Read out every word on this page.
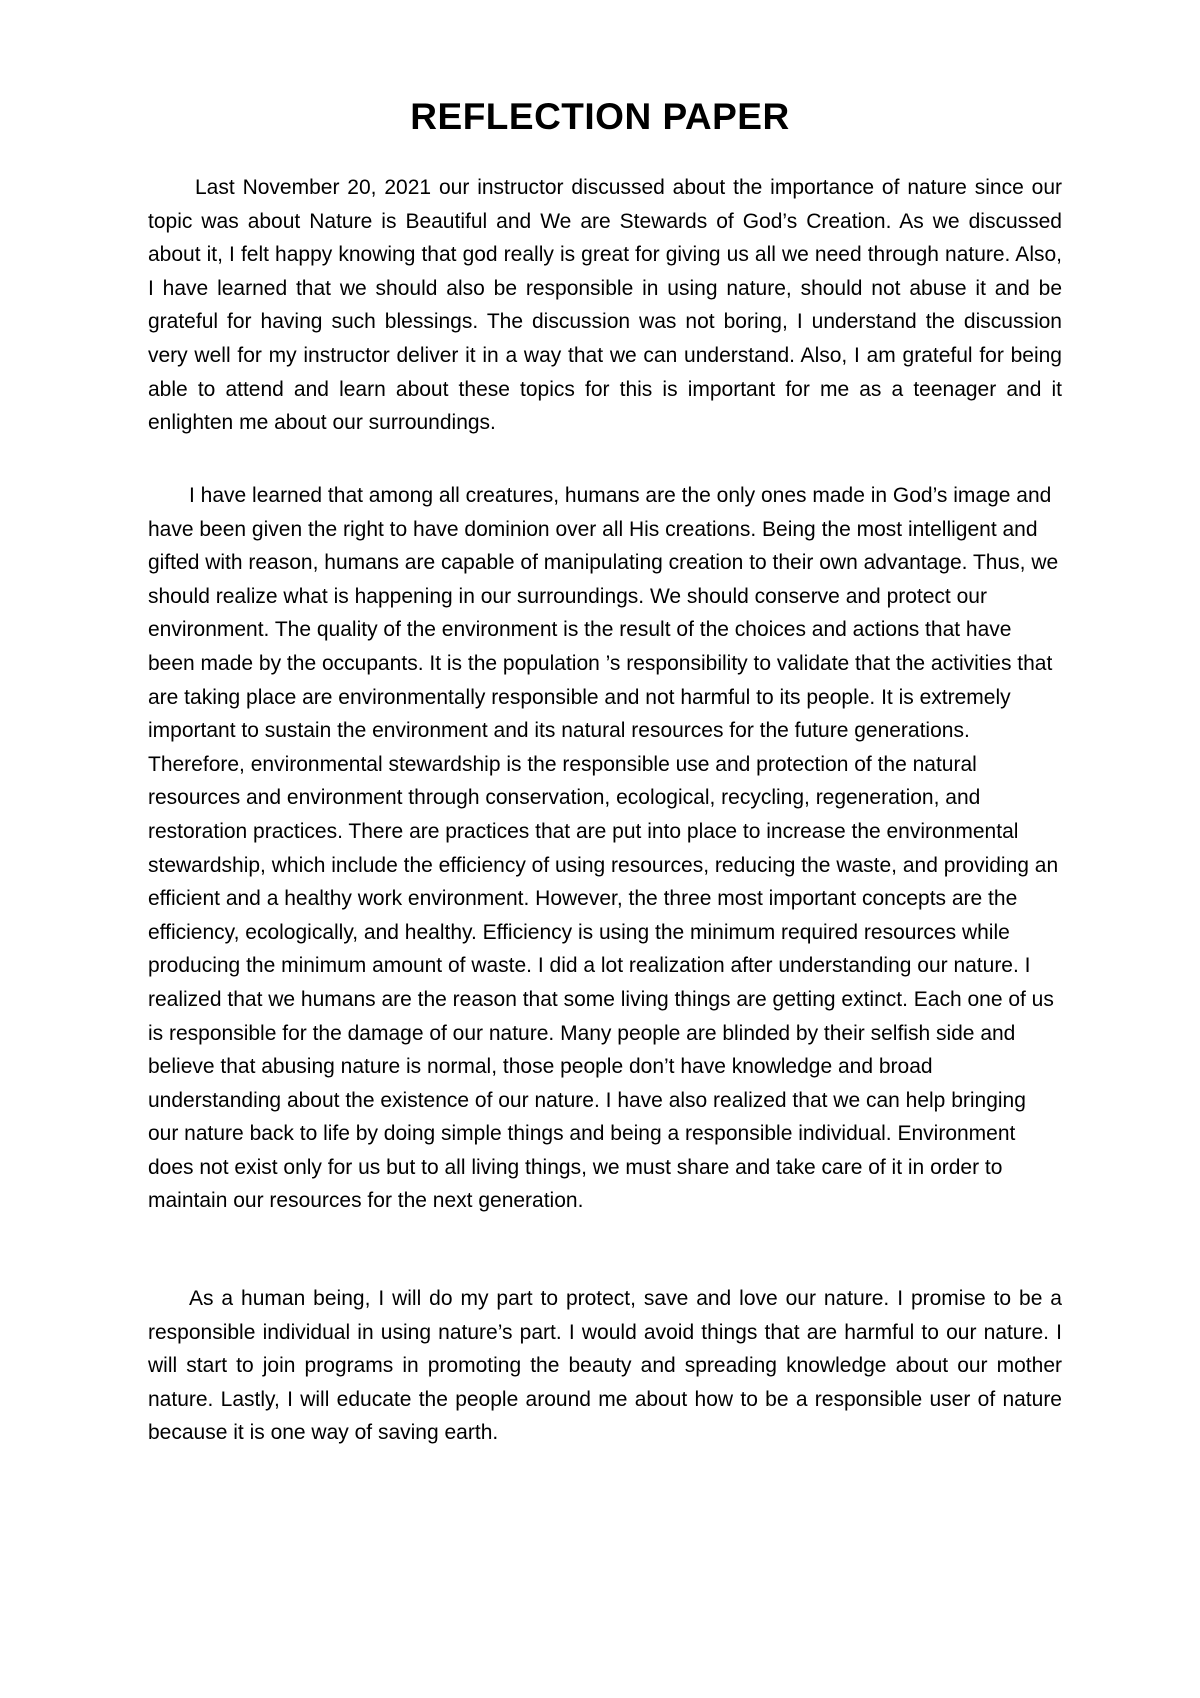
REFLECTION PAPER

Last November 20, 2021 our instructor discussed about the importance of nature since our topic was about Nature is Beautiful and We are Stewards of God’s Creation. As we discussed about it, I felt happy knowing that god really is great for giving us all we need through nature. Also, I have learned that we should also be responsible in using nature, should not abuse it and be grateful for having such blessings. The discussion was not boring, I understand the discussion very well for my instructor deliver it in a way that we can understand. Also, I am grateful for being able to attend and learn about these topics for this is important for me as a teenager and it enlighten me about our surroundings.

I have learned that among all creatures, humans are the only ones made in God’s image and have been given the right to have dominion over all His creations. Being the most intelligent and gifted with reason, humans are capable of manipulating creation to their own advantage. Thus, we should realize what is happening in our surroundings. We should conserve and protect our environment. The quality of the environment is the result of the choices and actions that have been made by the occupants. It is the population ’s responsibility to validate that the activities that are taking place are environmentally responsible and not harmful to its people. It is extremely important to sustain the environment and its natural resources for the future generations. Therefore, environmental stewardship is the responsible use and protection of the natural resources and environment through conservation, ecological, recycling, regeneration, and restoration practices. There are practices that are put into place to increase the environmental stewardship, which include the efficiency of using resources, reducing the waste, and providing an efficient and a healthy work environment. However, the three most important concepts are the efficiency, ecologically, and healthy. Efficiency is using the minimum required resources while producing the minimum amount of waste. I did a lot realization after understanding our nature. I realized that we humans are the reason that some living things are getting extinct. Each one of us is responsible for the damage of our nature. Many people are blinded by their selfish side and believe that abusing nature is normal, those people don’t have knowledge and broad understanding about the existence of our nature. I have also realized that we can help bringing our nature back to life by doing simple things and being a responsible individual. Environment does not exist only for us but to all living things, we must share and take care of it in order to maintain our resources for the next generation.

As a human being, I will do my part to protect, save and love our nature. I promise to be a responsible individual in using nature’s part. I would avoid things that are harmful to our nature. I will start to join programs in promoting the beauty and spreading knowledge about our mother nature. Lastly, I will educate the people around me about how to be a responsible user of nature because it is one way of saving earth.
